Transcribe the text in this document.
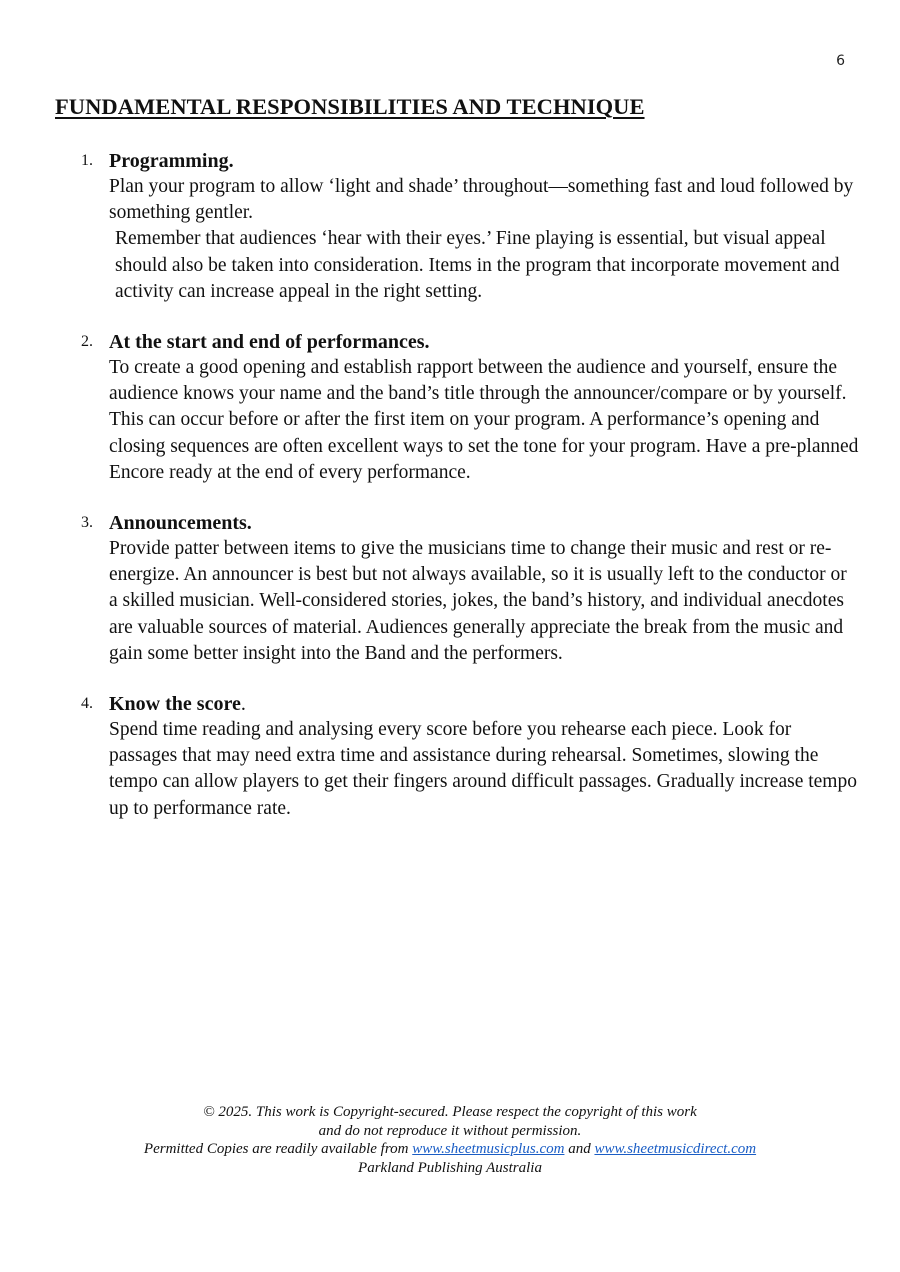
6
FUNDAMENTAL RESPONSIBILITIES AND TECHNIQUE
1. Programming.

Plan your program to allow ‘light and shade’ throughout—something fast and loud followed by something gentler.

Remember that audiences ‘hear with their eyes.’ Fine playing is essential, but visual appeal should also be taken into consideration. Items in the program that incorporate movement and activity can increase appeal in the right setting.

2. At the start and end of performances.

To create a good opening and establish rapport between the audience and yourself, ensure the audience knows your name and the band’s title through the announcer/compare or by yourself. This can occur before or after the first item on your program. A performance’s opening and closing sequences are often excellent ways to set the tone for your program. Have a pre-planned Encore ready at the end of every performance.

3. Announcements.

Provide patter between items to give the musicians time to change their music and rest or re-energize. An announcer is best but not always available, so it is usually left to the conductor or a skilled musician. Well-considered stories, jokes, the band’s history, and individual anecdotes are valuable sources of material. Audiences generally appreciate the break from the music and gain some better insight into the Band and the performers.

4. Know the score.

Spend time reading and analysing every score before you rehearse each piece. Look for passages that may need extra time and assistance during rehearsal. Sometimes, slowing the tempo can allow players to get their fingers around difficult passages. Gradually increase tempo up to performance rate.

© 2025. This work is Copyright-secured. Please respect the copyright of this work

and do not reproduce it without permission.

Permitted Copies are readily available from www.sheetmusicplus.com and www.sheetmusicdirect.com

Parkland Publishing Australia
